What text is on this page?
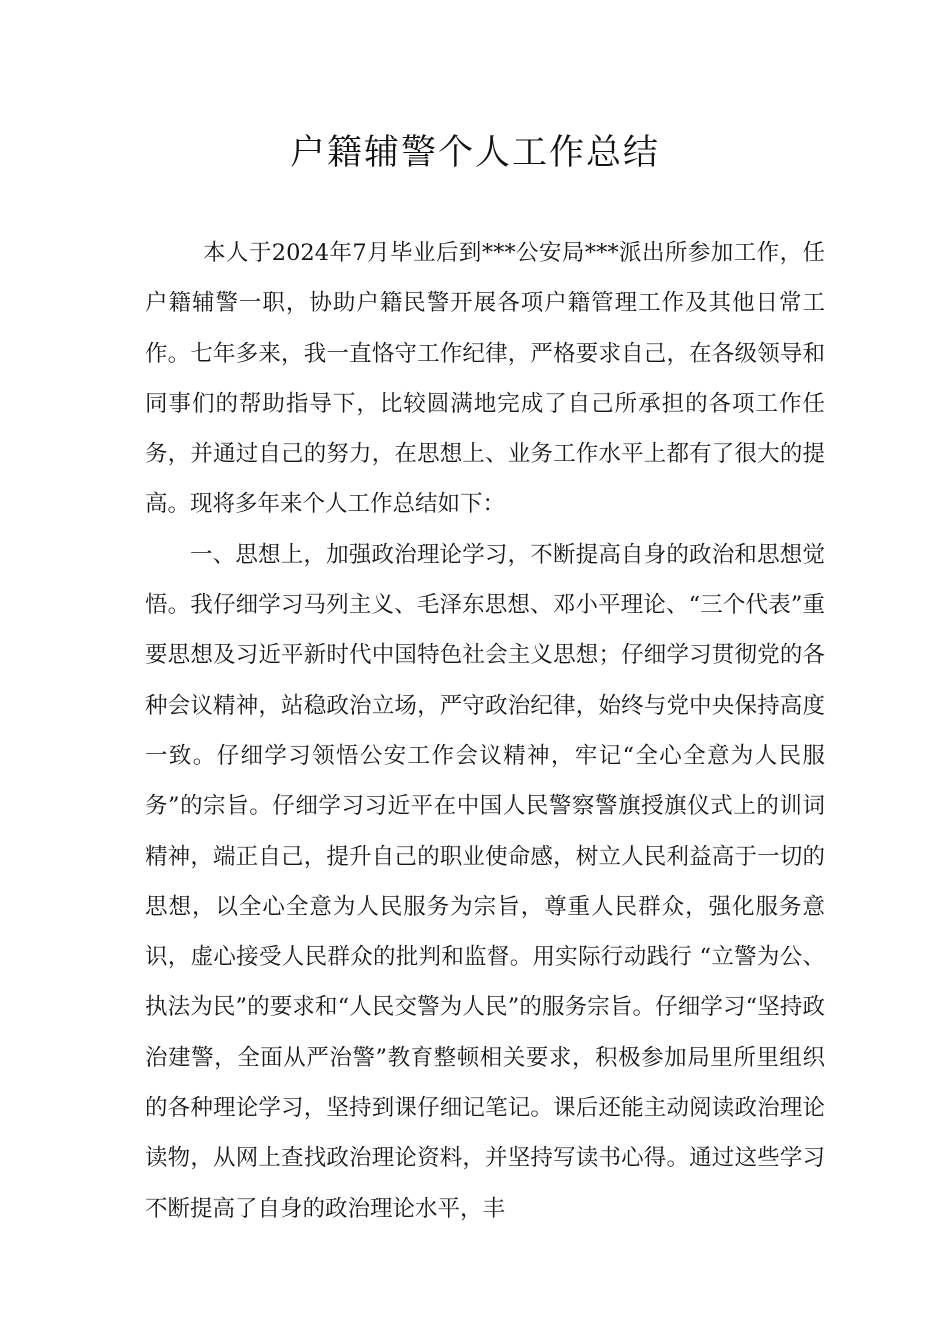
户籍辅警个人工作总结

本人于2024年7月毕业后到***公安局***派出所参加工作，任户籍辅警一职，协助户籍民警开展各项户籍管理工作及其他日常工作。七年多来，我一直恪守工作纪律，严格要求自己，在各级领导和同事们的帮助指导下，比较圆满地完成了自己所承担的各项工作任务，并通过自己的努力，在思想上、业务工作水平上都有了很大的提高。现将多年来个人工作总结如下：

一、思想上，加强政治理论学习，不断提高自身的政治和思想觉悟。我仔细学习马列主义、毛泽东思想、邓小平理论、“三个代表”重要思想及习近平新时代中国特色社会主义思想；仔细学习贯彻党的各种会议精神，站稳政治立场，严守政治纪律，始终与党中央保持高度一致。仔细学习领悟公安工作会议精神，牢记“全心全意为人民服务”的宗旨。仔细学习习近平在中国人民警察警旗授旗仪式上的训词精神，端正自己，提升自己的职业使命感，树立人民利益高于一切的思想，以全心全意为人民服务为宗旨，尊重人民群众，强化服务意识，虚心接受人民群众的批判和监督。用实际行动践行 “立警为公、执法为民”的要求和“人民交警为人民”的服务宗旨。仔细学习“坚持政治建警，全面从严治警”教育整顿相关要求，积极参加局里所里组织的各种理论学习，坚持到课仔细记笔记。课后还能主动阅读政治理论读物，从网上查找政治理论资料，并坚持写读书心得。通过这些学习不断提高了自身的政治理论水平，丰
